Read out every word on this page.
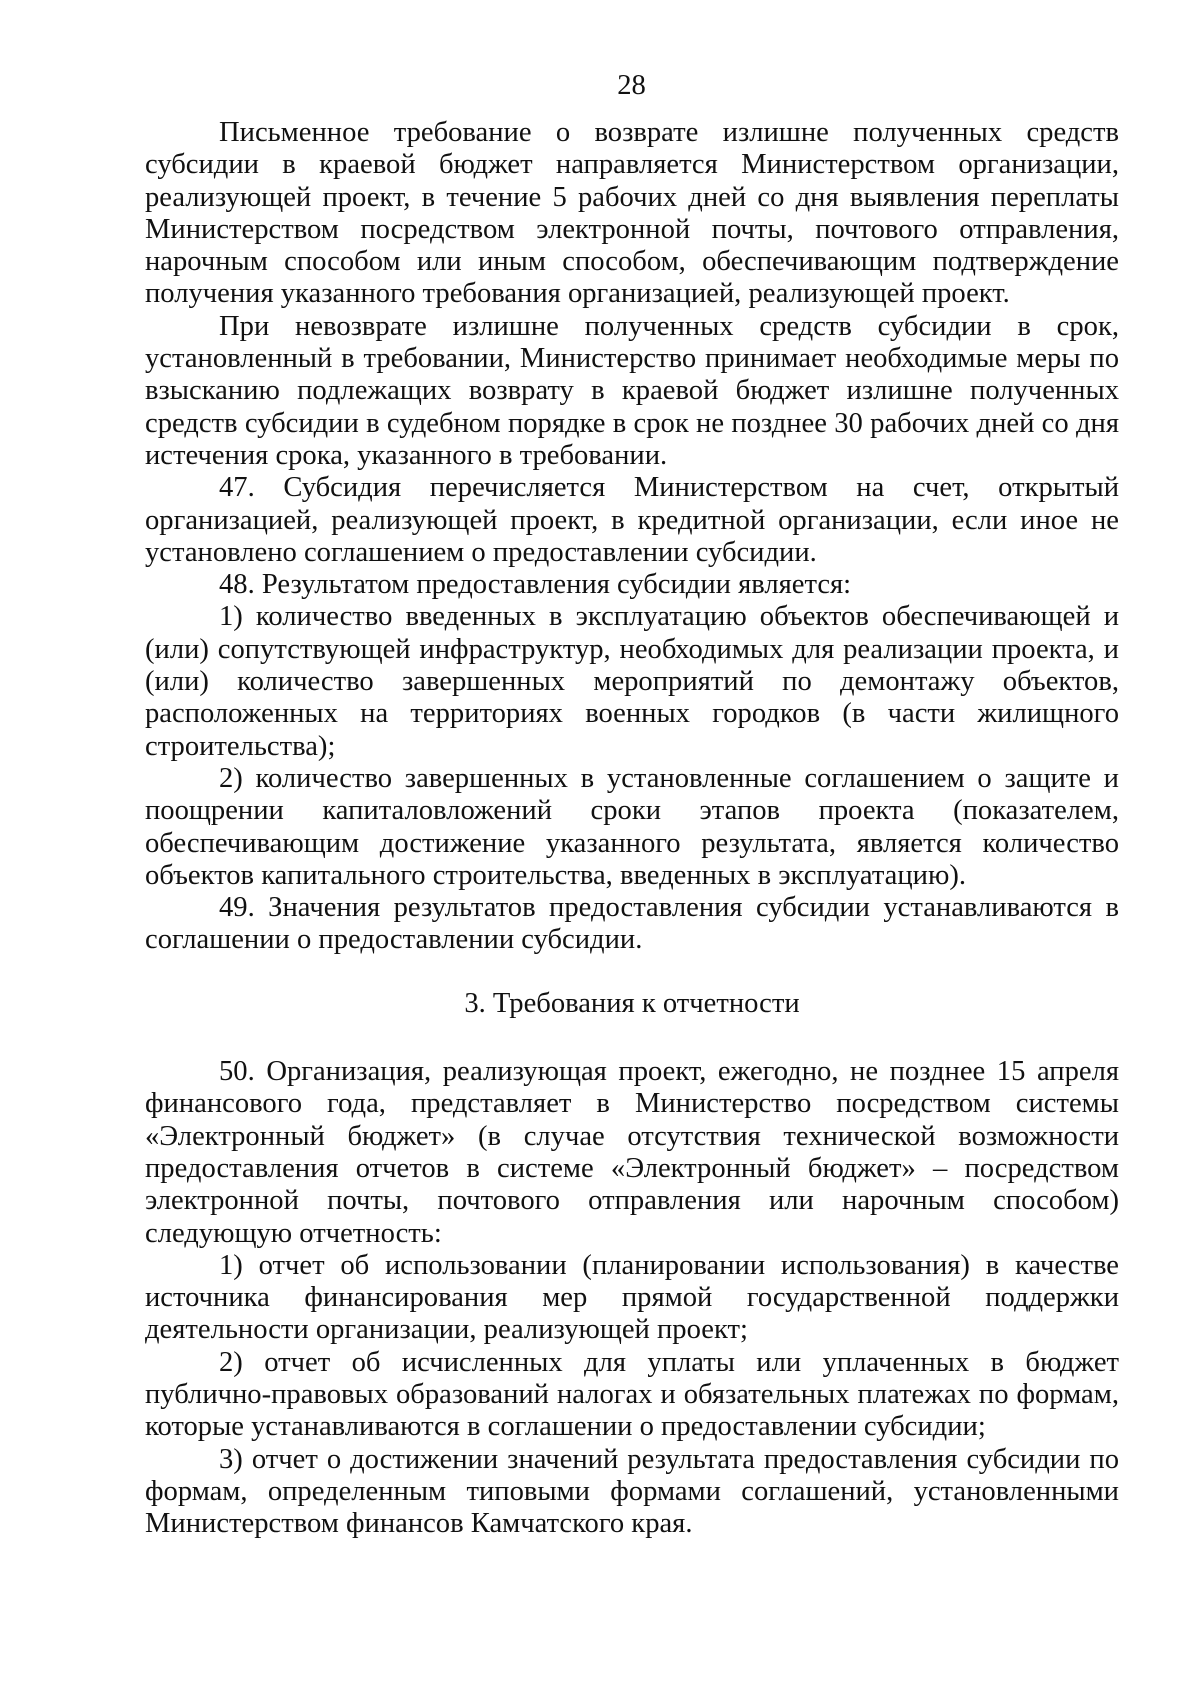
28

Письменное требование о возврате излишне полученных средств субсидии в краевой бюджет направляется Министерством организации, реализующей проект, в течение 5 рабочих дней со дня выявления переплаты Министерством посредством электронной почты, почтового отправления, нарочным способом или иным способом, обеспечивающим подтверждение получения указанного требования организацией, реализующей проект.

При невозврате излишне полученных средств субсидии в срок, установленный в требовании, Министерство принимает необходимые меры по взысканию подлежащих возврату в краевой бюджет излишне полученных средств субсидии в судебном порядке в срок не позднее 30 рабочих дней со дня истечения срока, указанного в требовании.

47. Субсидия перечисляется Министерством на счет, открытый организацией, реализующей проект, в кредитной организации, если иное не установлено соглашением о предоставлении субсидии.

48. Результатом предоставления субсидии является:

1) количество введенных в эксплуатацию объектов обеспечивающей и (или) сопутствующей инфраструктур, необходимых для реализации проекта, и (или) количество завершенных мероприятий по демонтажу объектов, расположенных на территориях военных городков (в части жилищного строительства);

2) количество завершенных в установленные соглашением о защите и поощрении капиталовложений сроки этапов проекта (показателем, обеспечивающим достижение указанного результата, является количество объектов капитального строительства, введенных в эксплуатацию).

49. Значения результатов предоставления субсидии устанавливаются в соглашении о предоставлении субсидии.

3. Требования к отчетности

50. Организация, реализующая проект, ежегодно, не позднее 15 апреля финансового года, представляет в Министерство посредством системы «Электронный бюджет» (в случае отсутствия технической возможности предоставления отчетов в системе «Электронный бюджет» – посредством электронной почты, почтового отправления или нарочным способом) следующую отчетность:

1) отчет об использовании (планировании использования) в качестве источника финансирования мер прямой государственной поддержки деятельности организации, реализующей проект;

2) отчет об исчисленных для уплаты или уплаченных в бюджет публично-правовых образований налогах и обязательных платежах по формам, которые устанавливаются в соглашении о предоставлении субсидии;

3) отчет о достижении значений результата предоставления субсидии по формам, определенным типовыми формами соглашений, установленными Министерством финансов Камчатского края.
